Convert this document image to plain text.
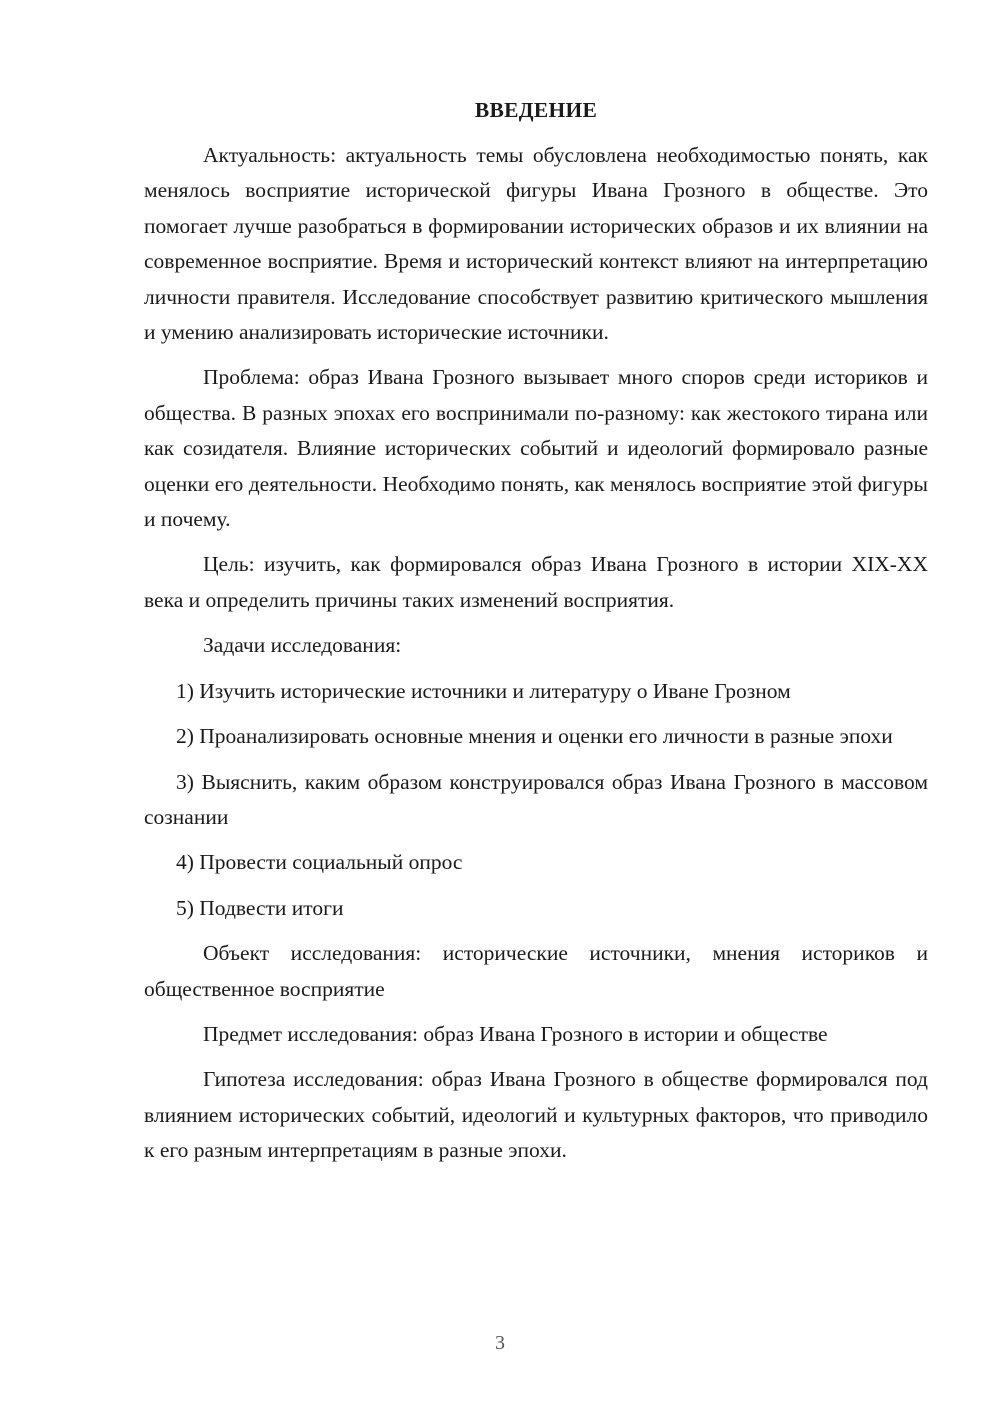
ВВЕДЕНИЕ

Актуальность: актуальность темы обусловлена необходимостью понять, как менялось восприятие исторической фигуры Ивана Грозного в обществе. Это помогает лучше разобраться в формировании исторических образов и их влиянии на современное восприятие. Время и исторический контекст влияют на интерпретацию личности правителя. Исследование способствует развитию критического мышления и умению анализировать исторические источники.

Проблема: образ Ивана Грозного вызывает много споров среди историков и общества. В разных эпохах его воспринимали по-разному: как жестокого тирана или как созидателя. Влияние исторических событий и идеологий формировало разные оценки его деятельности. Необходимо понять, как менялось восприятие этой фигуры и почему.

Цель: изучить, как формировался образ Ивана Грозного в истории XIX-XX века и определить причины таких изменений восприятия.

Задачи исследования:

1) Изучить исторические источники и литературу о Иване Грозном

2) Проанализировать основные мнения и оценки его личности в разные эпохи

3) Выяснить, каким образом конструировался образ Ивана Грозного в массовом сознании

4) Провести социальный опрос

5) Подвести итоги

Объект исследования: исторические источники, мнения историков и общественное восприятие

Предмет исследования: образ Ивана Грозного в истории и обществе

Гипотеза исследования: образ Ивана Грозного в обществе формировался под влиянием исторических событий, идеологий и культурных факторов, что приводило к его разным интерпретациям в разные эпохи.

3
